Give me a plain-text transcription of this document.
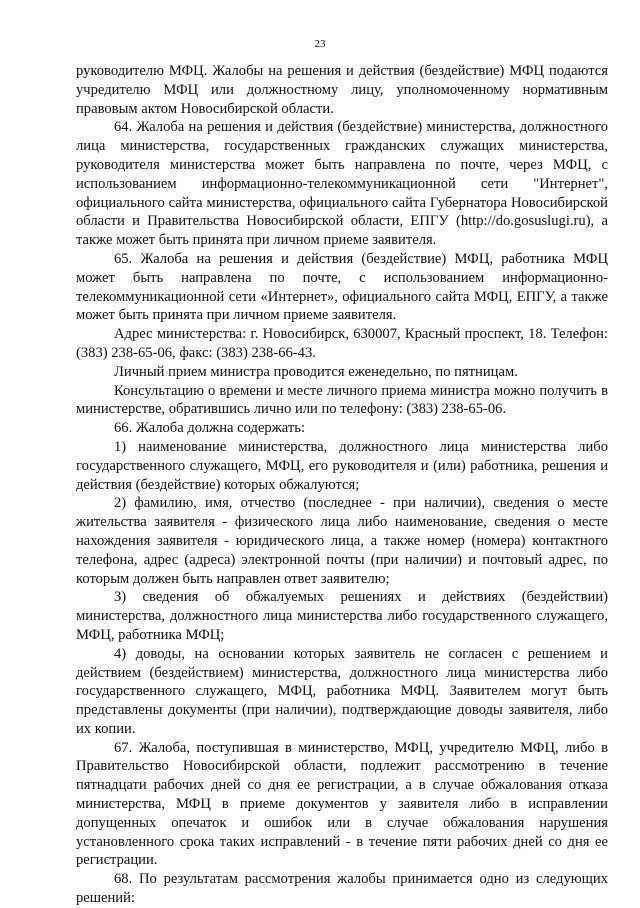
23

руководителю МФЦ. Жалобы на решения и действия (бездействие) МФЦ подаются учредителю МФЦ или должностному лицу, уполномоченному нормативным правовым актом Новосибирской области.

64. Жалоба на решения и действия (бездействие) министерства, должностного лица министерства, государственных гражданских служащих министерства, руководителя министерства может быть направлена по почте, через МФЦ, с использованием информационно-телекоммуникационной сети "Интернет", официального сайта министерства, официального сайта Губернатора Новосибирской области и Правительства Новосибирской области, ЕПГУ (http://do.gosuslugi.ru), а также может быть принята при личном приеме заявителя.

65. Жалоба на решения и действия (бездействие) МФЦ, работника МФЦ может быть направлена по почте, с использованием информационно-телекоммуникационной сети «Интернет», официального сайта МФЦ, ЕПГУ, а также может быть принята при личном приеме заявителя.

Адрес министерства: г. Новосибирск, 630007, Красный проспект, 18. Телефон: (383) 238-65-06, факс: (383) 238-66-43.

Личный прием министра проводится еженедельно, по пятницам.

Консультацию о времени и месте личного приема министра можно получить в министерстве, обратившись лично или по телефону: (383) 238-65-06.

66. Жалоба должна содержать:

1) наименование министерства, должностного лица министерства либо государственного служащего, МФЦ, его руководителя и (или) работника, решения и действия (бездействие) которых обжалуются;

2) фамилию, имя, отчество (последнее - при наличии), сведения о месте жительства заявителя - физического лица либо наименование, сведения о месте нахождения заявителя - юридического лица, а также номер (номера) контактного телефона, адрес (адреса) электронной почты (при наличии) и почтовый адрес, по которым должен быть направлен ответ заявителю;

3) сведения об обжалуемых решениях и действиях (бездействии) министерства, должностного лица министерства либо государственного служащего, МФЦ, работника МФЦ;

4) доводы, на основании которых заявитель не согласен с решением и действием (бездействием) министерства, должностного лица министерства либо государственного служащего, МФЦ, работника МФЦ. Заявителем могут быть представлены документы (при наличии), подтверждающие доводы заявителя, либо их копии.

67. Жалоба, поступившая в министерство, МФЦ, учредителю МФЦ, либо в Правительство Новосибирской области, подлежит рассмотрению в течение пятнадцати рабочих дней со дня ее регистрации, а в случае обжалования отказа министерства, МФЦ в приеме документов у заявителя либо в исправлении допущенных опечаток и ошибок или в случае обжалования нарушения установленного срока таких исправлений - в течение пяти рабочих дней со дня ее регистрации.

68. По результатам рассмотрения жалобы принимается одно из следующих решений:
